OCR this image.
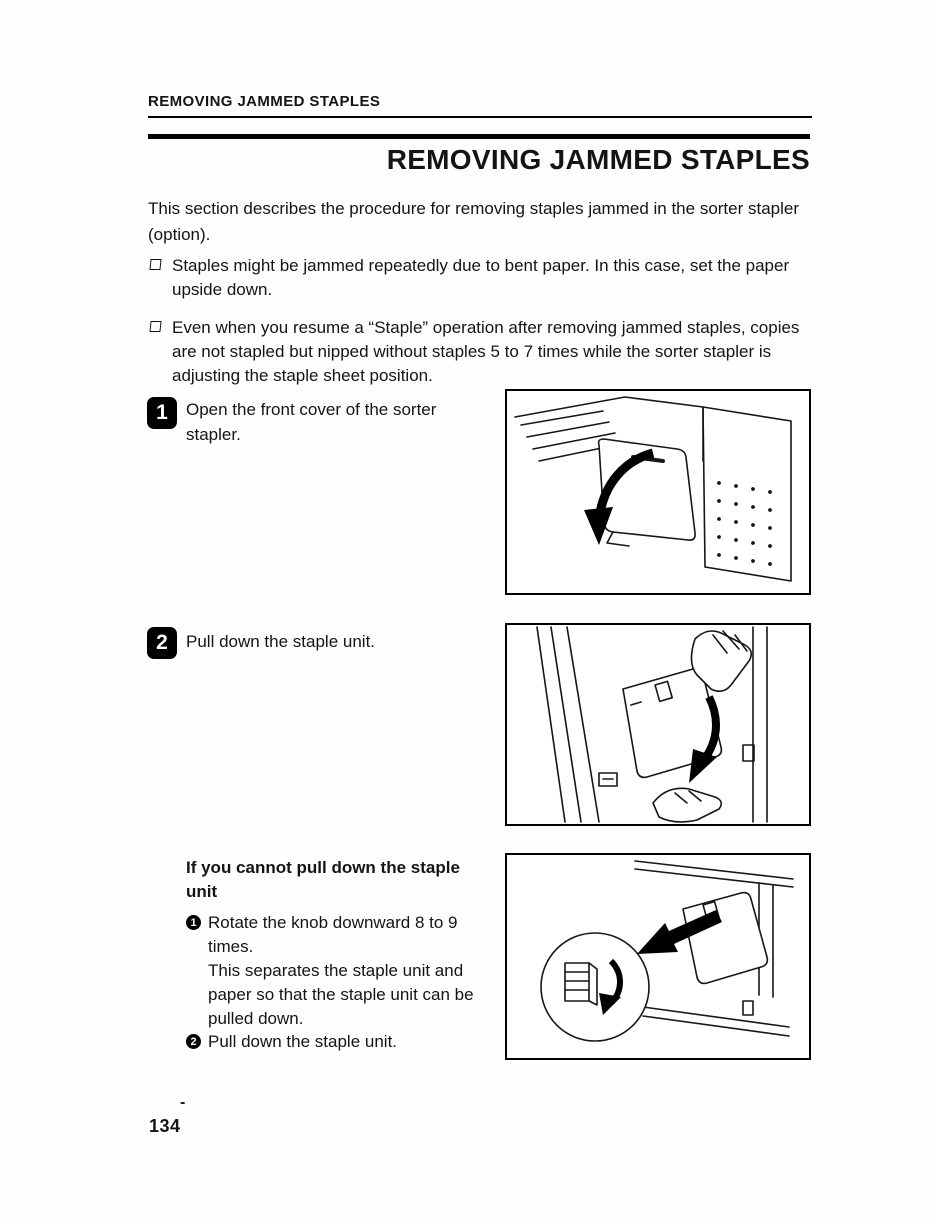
REMOVING JAMMED STAPLES
REMOVING JAMMED STAPLES

This section describes the procedure for removing staples jammed in the sorter stapler (option).

Staples might be jammed repeatedly due to bent paper. In this case, set the paper upside down.
Even when you resume a “Staple” operation after removing jammed staples, copies are not stapled but nipped without staples 5 to 7 times while the sorter stapler is adjusting the staple sheet position.
1	Open the front cover of the sorter stapler.
2	Pull down the staple unit.
If you cannot pull down the staple unit
1 Rotate the knob downward 8 to 9 times.

This separates the staple unit and paper so that the staple unit can be pulled down.

2 Pull down the staple unit.

-
134
